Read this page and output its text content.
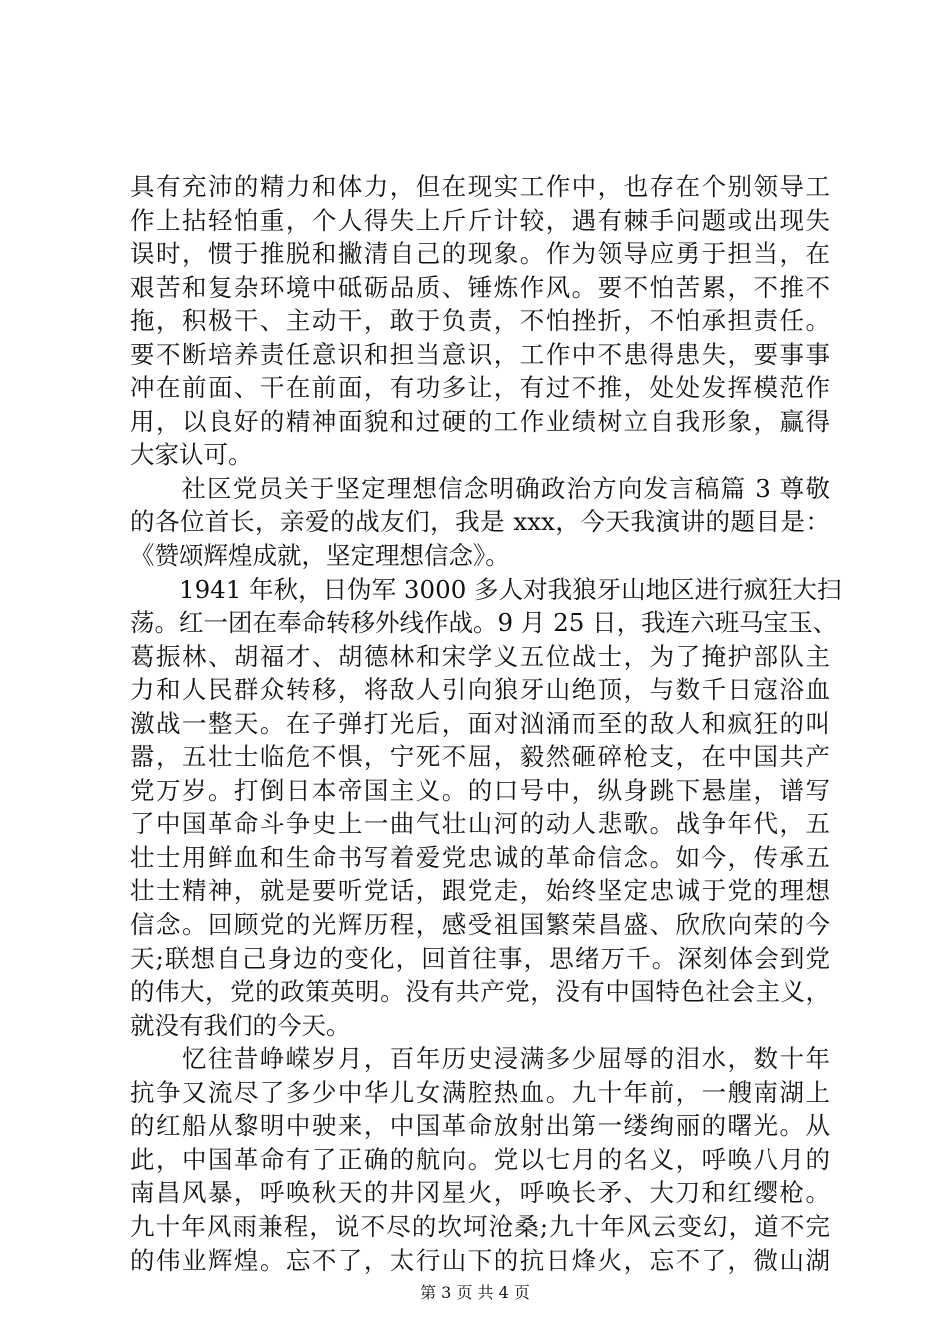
具有充沛的精力和体力，但在现实工作中，也存在个别领导工
作上拈轻怕重，个人得失上斤斤计较，遇有棘手问题或出现失
误时，惯于推脱和撇清自己的现象。作为领导应勇于担当，在
艰苦和复杂环境中砥砺品质、锤炼作风。要不怕苦累，不推不
拖，积极干、主动干，敢于负责，不怕挫折，不怕承担责任。
要不断培养责任意识和担当意识，工作中不患得患失，要事事
冲在前面、干在前面，有功多让，有过不推，处处发挥模范作
用，以良好的精神面貌和过硬的工作业绩树立自我形象，赢得
大家认可。
　　社区党员关于坚定理想信念明确政治方向发言稿篇 3 尊敬
的各位首长，亲爱的战友们，我是 xxx，今天我演讲的题目是：
《赞颂辉煌成就，坚定理想信念》。
　　1941 年秋，日伪军 3000 多人对我狼牙山地区进行疯狂大扫
荡。红一团在奉命转移外线作战。9 月 25 日，我连六班马宝玉、
葛振林、胡福才、胡德林和宋学义五位战士，为了掩护部队主
力和人民群众转移，将敌人引向狼牙山绝顶，与数千日寇浴血
激战一整天。在子弹打光后，面对汹涌而至的敌人和疯狂的叫
嚣，五壮士临危不惧，宁死不屈，毅然砸碎枪支，在中国共产
党万岁。打倒日本帝国主义。的口号中，纵身跳下悬崖，谱写
了中国革命斗争史上一曲气壮山河的动人悲歌。战争年代，五
壮士用鲜血和生命书写着爱党忠诚的革命信念。如今，传承五
壮士精神，就是要听党话，跟党走，始终坚定忠诚于党的理想
信念。回顾党的光辉历程，感受祖国繁荣昌盛、欣欣向荣的今
天;联想自己身边的变化，回首往事，思绪万千。深刻体会到党
的伟大，党的政策英明。没有共产党，没有中国特色社会主义，
就没有我们的今天。
　　忆往昔峥嵘岁月，百年历史浸满多少屈辱的泪水，数十年
抗争又流尽了多少中华儿女满腔热血。九十年前，一艘南湖上
的红船从黎明中驶来，中国革命放射出第一缕绚丽的曙光。从
此，中国革命有了正确的航向。党以七月的名义，呼唤八月的
南昌风暴，呼唤秋天的井冈星火，呼唤长矛、大刀和红缨枪。
九十年风雨兼程，说不尽的坎坷沧桑;九十年风云变幻，道不完
的伟业辉煌。忘不了，太行山下的抗日烽火，忘不了，微山湖
第 3 页 共 4 页
